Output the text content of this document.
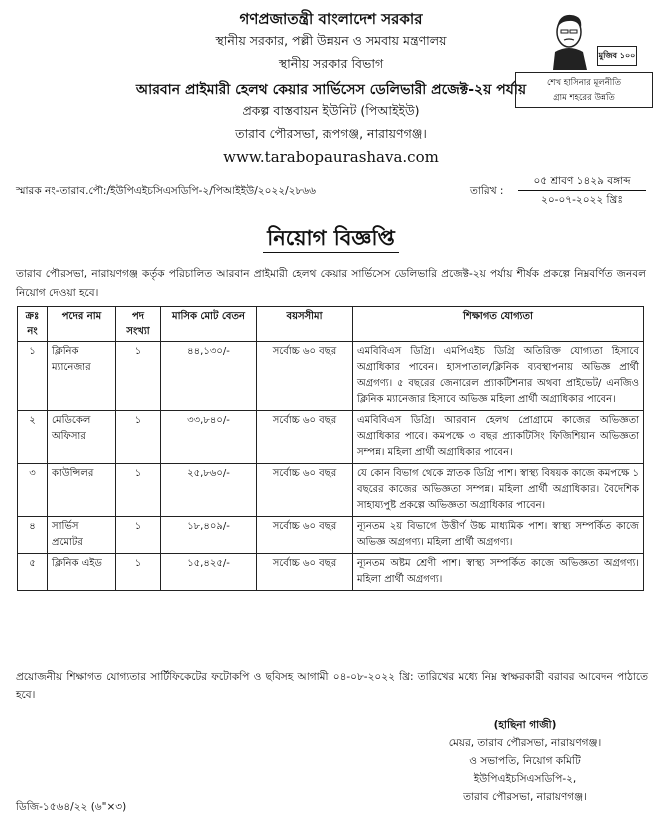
গণপ্রজাতন্ত্রী বাংলাদেশ সরকার
স্থানীয় সরকার, পল্লী উন্নয়ন ও সমবায় মন্ত্রণালয়
স্থানীয় সরকার বিভাগ
আরবান প্রাইমারী হেলথ কেয়ার সার্ভিসেস ডেলিভারী প্রজেক্ট-২য় পর্যায়
প্রকল্প বাস্তবায়ন ইউনিট (পিআইইউ)
তারাব পৌরসভা, রূপগঞ্জ, নারায়ণগঞ্জ।
www.tarabopaurashava.com
মুজিব ১০০
শেখ হাসিনার মূলনীতি
গ্রাম শহরের উন্নতি
স্মারক নং-তারাব.পৌ:/ইউপিএইচসিএসডিপি-২/পিআইইউ/২০২২/২৮৬৬	তারিখ :
০৫ শ্রাবণ ১৪২৯ বঙ্গাব্দ
২০-০৭-২০২২ খ্রিঃ
নিয়োগ বিজ্ঞপ্তি
তারাব পৌরসভা, নারায়ণগঞ্জ কর্তৃক পরিচালিত আরবান প্রাইমারী হেলথ কেয়ার সার্ভিসেস ডেলিভারি প্রজেক্ট-২য় পর্যায় শীর্ষক প্রকল্পে নিম্নবর্ণিত জনবল নিয়োগ দেওয়া হবে।
ক্রঃ নং	পদের নাম	পদ সংখ্যা	মাসিক মোট বেতন	বয়সসীমা	শিক্ষাগত যোগ্যতা
১	ক্লিনিক ম্যানেজার	১	৪৪,১৩০/-	সর্বোচ্চ ৬০ বছর	এমবিবিএস ডিগ্রি। এমপিএইচ ডিগ্রি অতিরিক্ত যোগ্যতা হিসাবে অগ্রাধিকার পাবেন। হাসপাতাল/ক্লিনিক ব্যবস্থাপনায় অভিজ্ঞ প্রার্থী অগ্রগণ্য। ৫ বছরের জেনারেল প্র্যাকটিশনার অথবা প্রাইভেট/ এনজিও ক্লিনিক ম্যানেজার হিসাবে অভিজ্ঞ মহিলা প্রার্থী অগ্রাধিকার পাবেন।
২	মেডিকেল অফিসার	১	৩৩,৮৪০/-	সর্বোচ্চ ৬০ বছর	এমবিবিএস ডিগ্রি। আরবান হেলথ প্রোগ্রামে কাজের অভিজ্ঞতা অগ্রাধিকার পাবে। কমপক্ষে ৩ বছর প্র্যাকটিসিং ফিজিশিয়ান অভিজ্ঞতা সম্পন্ন। মহিলা প্রার্থী অগ্রাধিকার পাবেন।
৩	কাউন্সিলর	১	২৫,৮৬০/-	সর্বোচ্চ ৬০ বছর	যে কোন বিভাগ থেকে স্নাতক ডিগ্রি পাশ। স্বাস্থ্য বিষয়ক কাজে কমপক্ষে ১ বছরের কাজের অভিজ্ঞতা সম্পন্ন। মহিলা প্রার্থী অগ্রাধিকার। বৈদেশিক সাহায্যপুষ্ট প্রকল্পে অভিজ্ঞতা অগ্রাধিকার পাবেন।
৪	সার্ভিস প্রমোটর	১	১৮,৪০৯/-	সর্বোচ্চ ৬০ বছর	ন্যূনতম ২য় বিভাগে উত্তীর্ণ উচ্চ মাধ্যমিক পাশ। স্বাস্থ্য সম্পর্কিত কাজে অভিজ্ঞ অগ্রগণ্য। মহিলা প্রার্থী অগ্রগণ্য।
৫	ক্লিনিক এইড	১	১৫,৪২৫/-	সর্বোচ্চ ৬০ বছর	ন্যূনতম অষ্টম শ্রেণী পাশ। স্বাস্থ্য সম্পর্কিত কাজে অভিজ্ঞতা অগ্রগণ্য। মহিলা প্রার্থী অগ্রগণ্য।
প্রয়োজনীয় শিক্ষাগত যোগ্যতার সার্টিফিকেটের ফটোকপি ও ছবিসহ আগামী ০৪-০৮-২০২২ খ্রি: তারিখের মধ্যে নিম্ন স্বাক্ষরকারী বরাবর আবেদন পাঠাতে হবে।
(হাছিনা গাজী)
মেয়র, তারাব পৌরসভা, নারায়ণগঞ্জ।
ও সভাপতি, নিয়োগ কমিটি
ইউপিএইচসিএসডিপি-২,
তারাব পৌরসভা, নারায়ণগঞ্জ।
ডিজি-১৫৬৪/২২ (৬"×৩)
